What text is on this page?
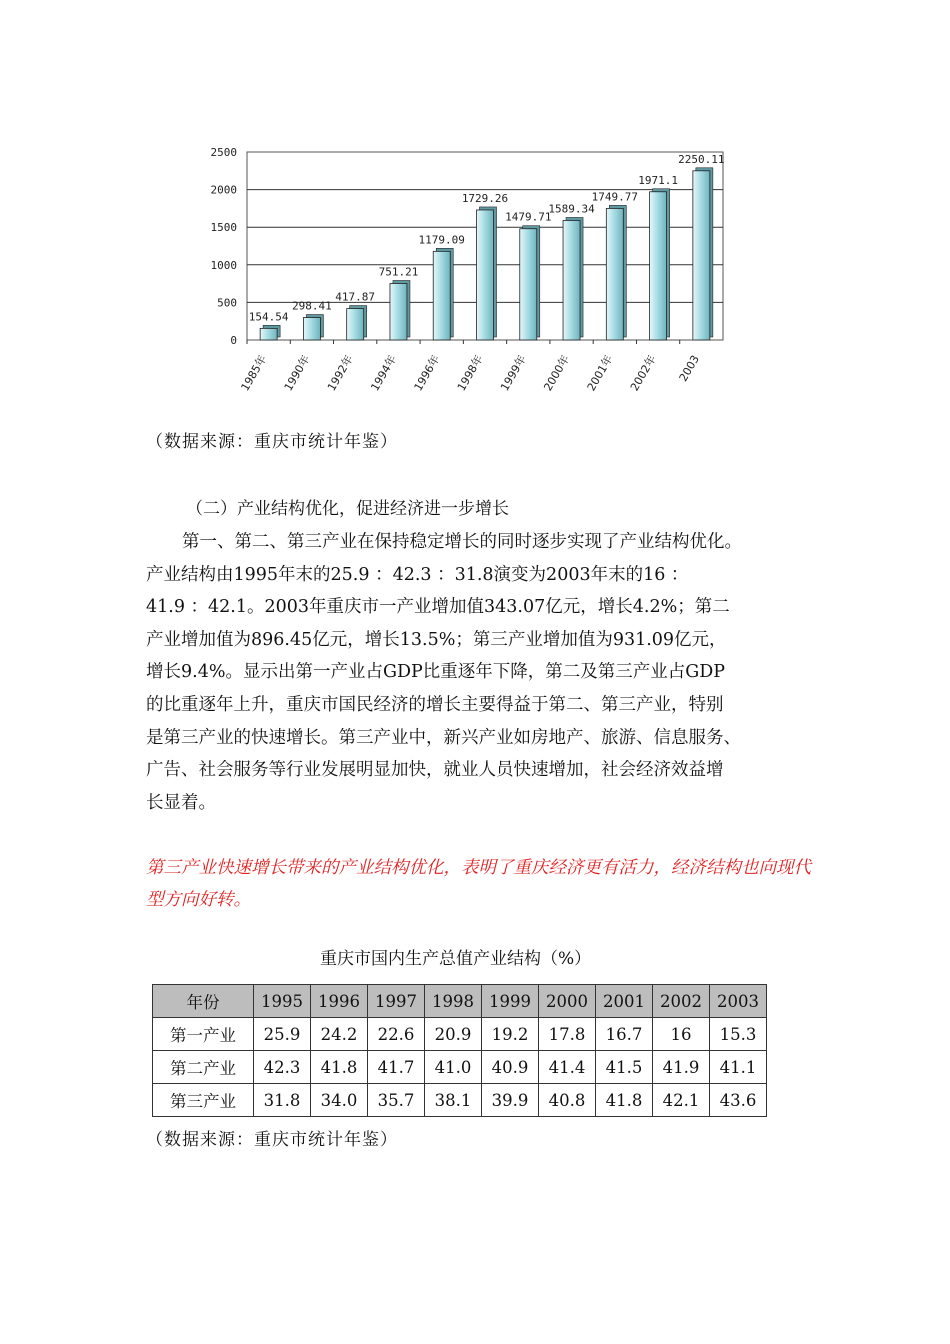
0
500
1000
1500
2000
2500
154.54
1985年
298.41
1990年
417.87
1992年
751.21
1994年
1179.09
1996年
1729.26
1998年
1479.71
1999年
1589.34
2000年
1749.77
2001年
1971.1
2002年
2250.11
2003
（数据来源：重庆市统计年鉴）
（二）产业结构优化，促进经济进一步增长

第一、第二、第三产业在保持稳定增长的同时逐步实现了产业结构优化。

产业结构由1995年末的25.9 ：42.3 ：31.8演变为2003年末的16 ：

41.9 ：42.1。2003年重庆市一产业增加值343.07亿元，增长4.2%；第二

产业增加值为896.45亿元，增长13.5%；第三产业增加值为931.09亿元，

增长9.4%。显示出第一产业占GDP比重逐年下降，第二及第三产业占GDP

的比重逐年上升，重庆市国民经济的增长主要得益于第二、第三产业，特别

是第三产业的快速增长。第三产业中，新兴产业如房地产、旅游、信息服务、

广告、社会服务等行业发展明显加快，就业人员快速增加，社会经济效益增

长显着。

第三产业快速增长带来的产业结构优化，表明了重庆经济更有活力，经济结构也向现代型方向好转。

重庆市国内生产总值产业结构（%）
年份	1995	1996	1997	1998	1999	2000	2001	2002	2003
第一产业	25.9	24.2	22.6	20.9	19.2	17.8	16.7	16	15.3
第二产业	42.3	41.8	41.7	41.0	40.9	41.4	41.5	41.9	41.1
第三产业	31.8	34.0	35.7	38.1	39.9	40.8	41.8	42.1	43.6
（数据来源：重庆市统计年鉴）
